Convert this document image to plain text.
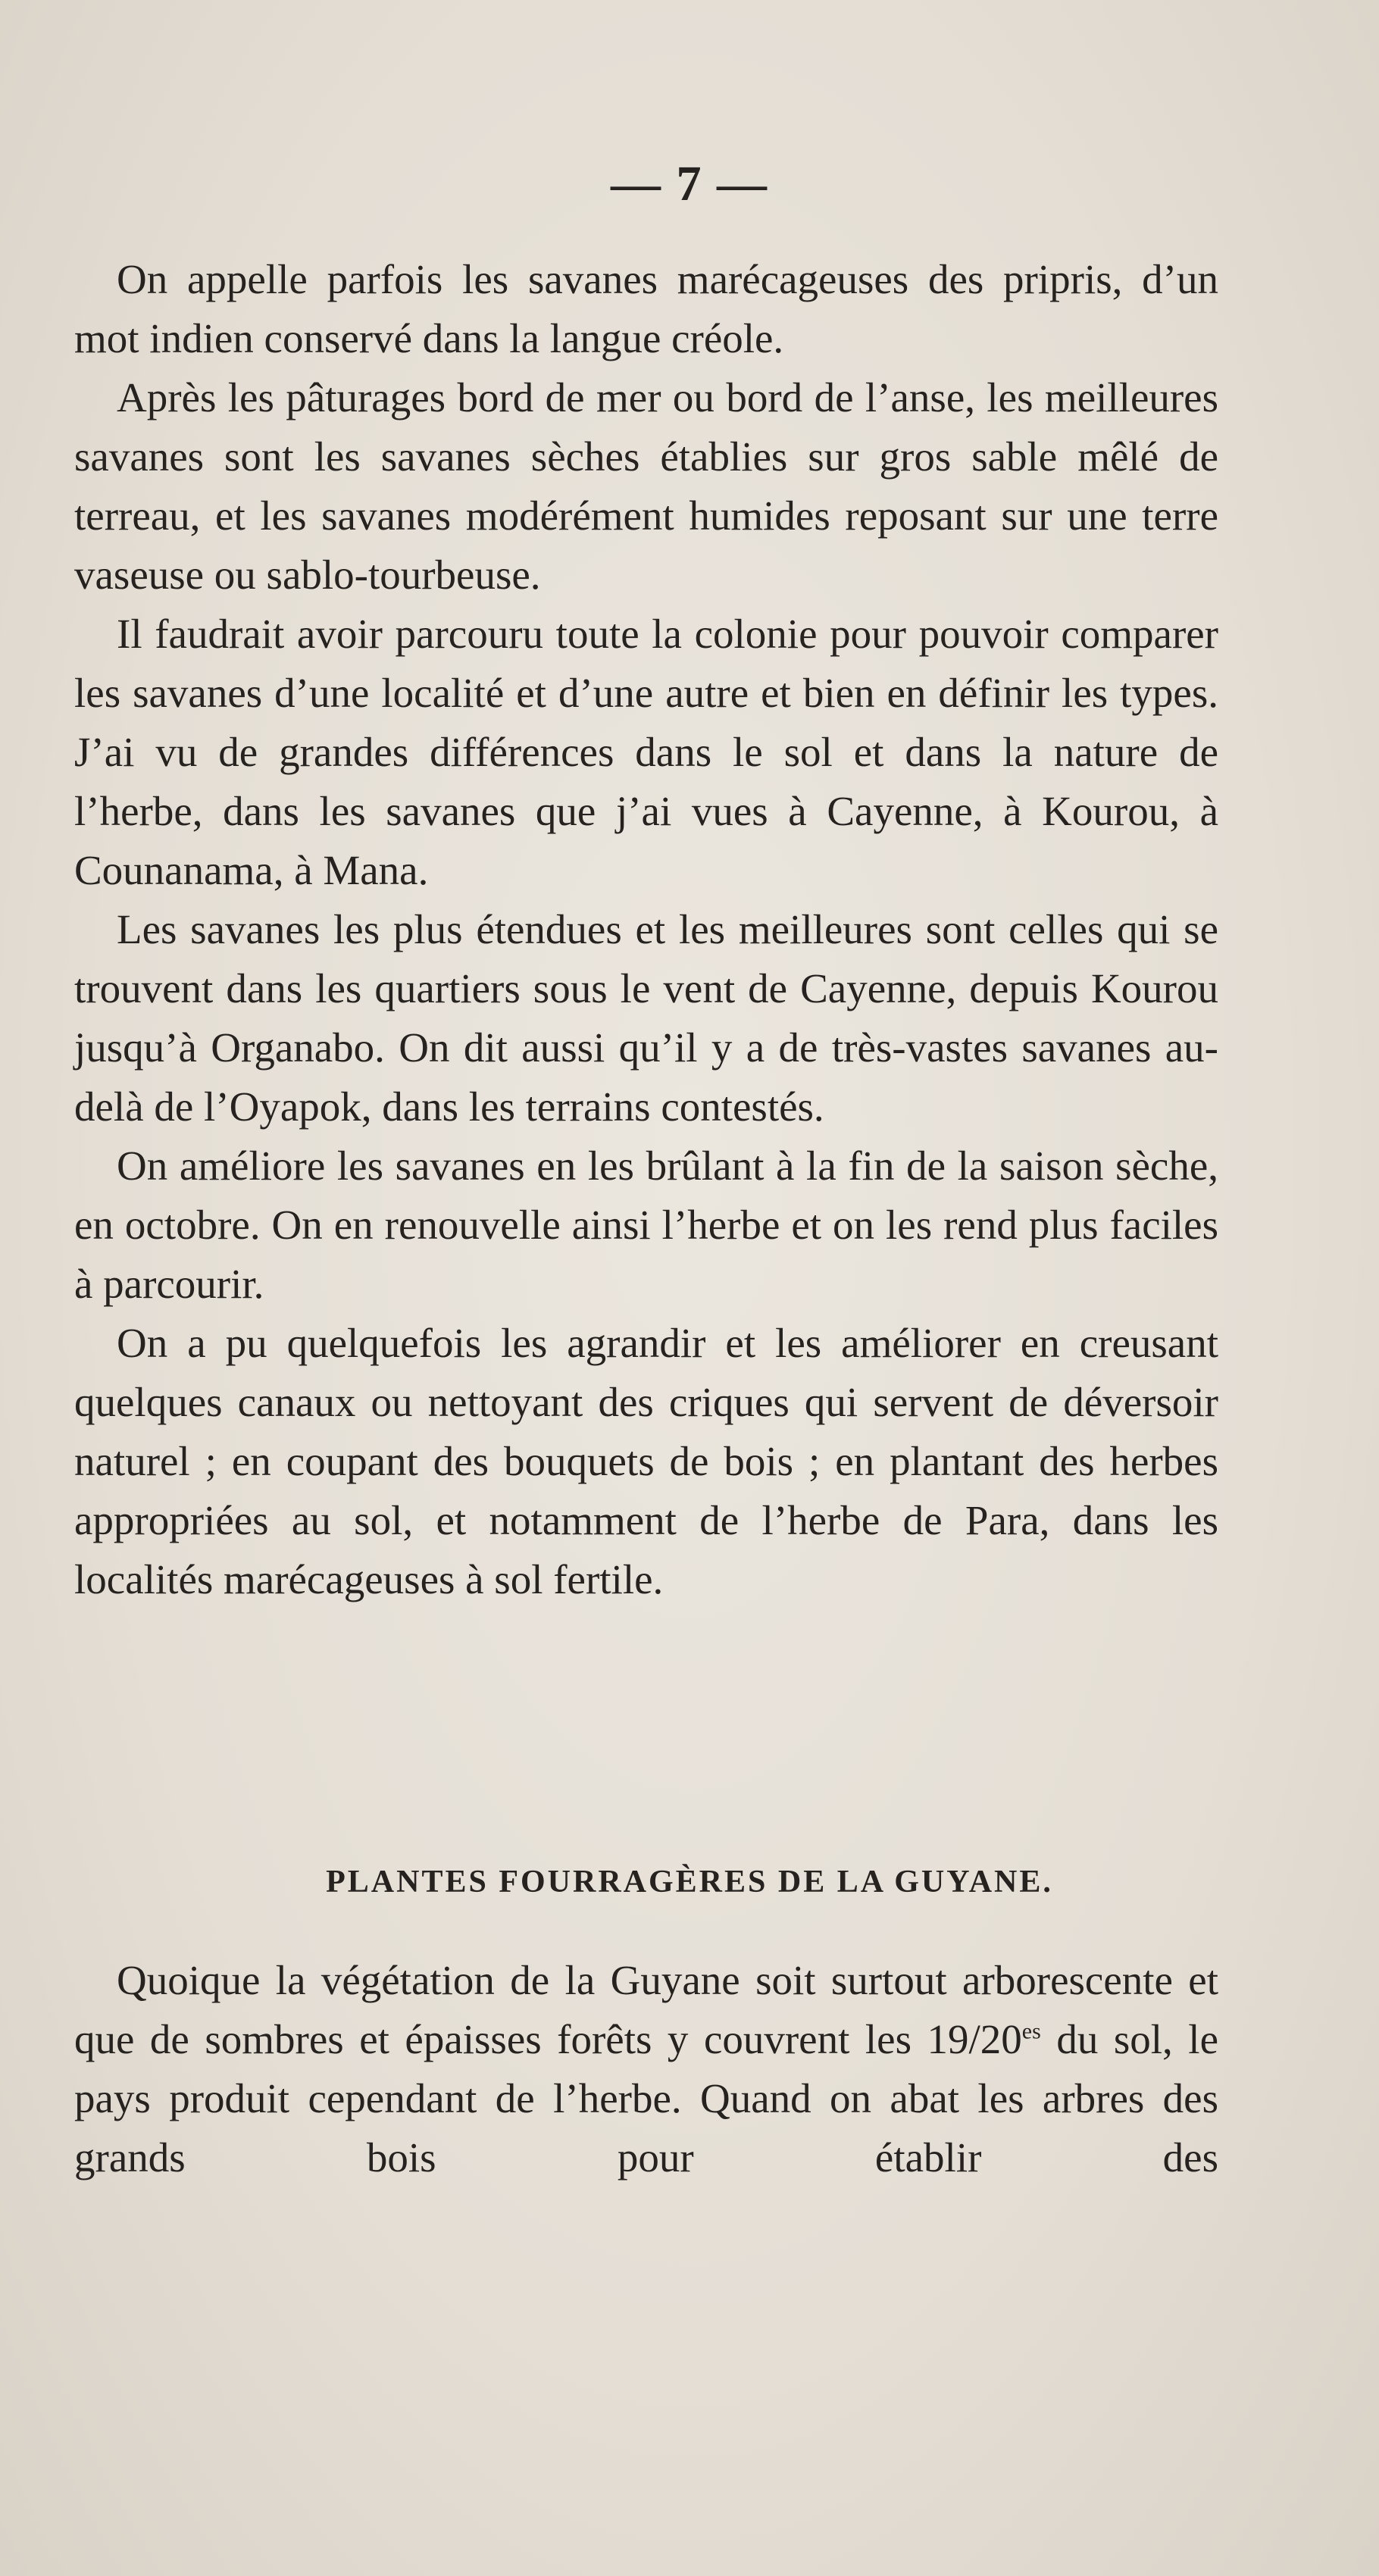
— 7 —

On appelle parfois les savanes marécageuses des pripris, d’un mot indien conservé dans la langue créole.

Après les pâturages bord de mer ou bord de l’anse, les meilleures savanes sont les savanes sèches établies sur gros sable mêlé de terreau, et les savanes modérément humides reposant sur une terre vaseuse ou sablo-tourbeuse.

Il faudrait avoir parcouru toute la colonie pour pouvoir comparer les savanes d’une localité et d’une autre et bien en définir les types. J’ai vu de grandes différences dans le sol et dans la nature de l’herbe, dans les savanes que j’ai vues à Cayenne, à Kourou, à Counanama, à Mana.

Les savanes les plus étendues et les meilleures sont celles qui se trouvent dans les quartiers sous le vent de Cayenne, depuis Kourou jusqu’à Organabo. On dit aussi qu’il y a de très-vastes savanes au-delà de l’Oyapok, dans les terrains contestés.

On améliore les savanes en les brûlant à la fin de la saison sèche, en octobre. On en renouvelle ainsi l’herbe et on les rend plus faciles à parcourir.

On a pu quelquefois les agrandir et les améliorer en creusant quelques canaux ou nettoyant des criques qui servent de déversoir naturel ; en coupant des bouquets de bois ; en plantant des herbes appropriées au sol, et notamment de l’herbe de Para, dans les localités marécageuses à sol fertile.

PLANTES FOURRAGÈRES DE LA GUYANE.

Quoique la végétation de la Guyane soit surtout arborescente et que de sombres et épaisses forêts y couvrent les $19/20^{es}$ du sol, le pays produit cependant de l’herbe. Quand on abat les arbres des grands bois pour établir des
